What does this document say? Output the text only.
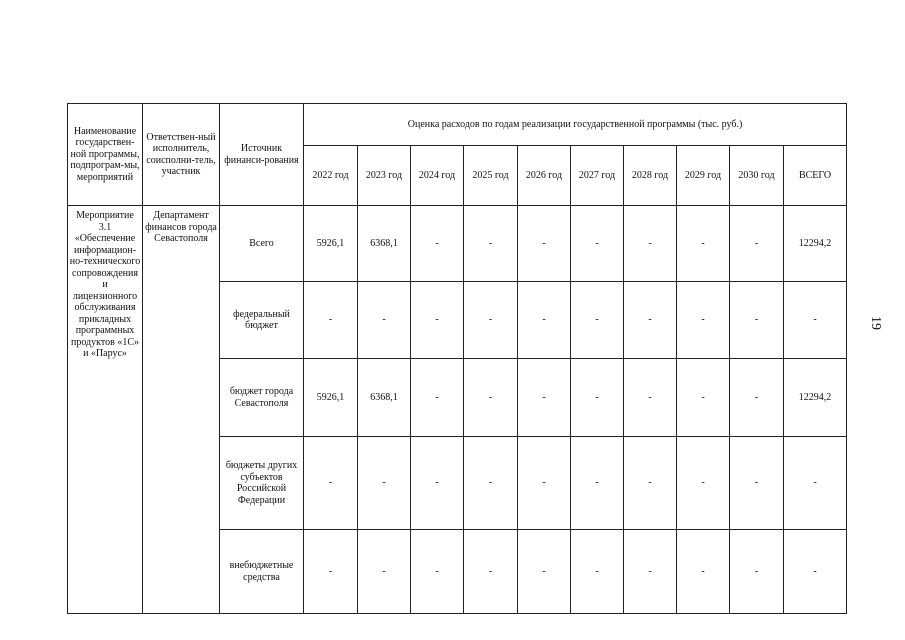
Наименование государствен-ной программы, подпрограм-мы, мероприятий	Ответствен-ный исполнитель, соисполни-тель, участник	Источник финанси-рования	Оценка расходов по годам реализации государственной программы (тыс. руб.)									
			2022 год	2023 год	2024 год	2025 год	2026 год	2027 год	2028 год	2029 год	2030 год	ВСЕГО
Мероприятие 3.1 «Обеспечение информацион-но-технического сопровождения и лицензионного обслуживания прикладных программных продуктов «1С» и «Парус»	Департамент финансов города Севастополя	Всего	5926,1	6368,1	-	-	-	-	-	-	-	12294,2
		федеральный бюджет	-	-	-	-	-	-	-	-	-	-
		бюджет города Севастополя	5926,1	6368,1	-	-	-	-	-	-	-	12294,2
		бюджеты других субъектов Российской Федерации	-	-	-	-	-	-	-	-	-	-
		внебюджетные средства	-	-	-	-	-	-	-	-	-	-
19
